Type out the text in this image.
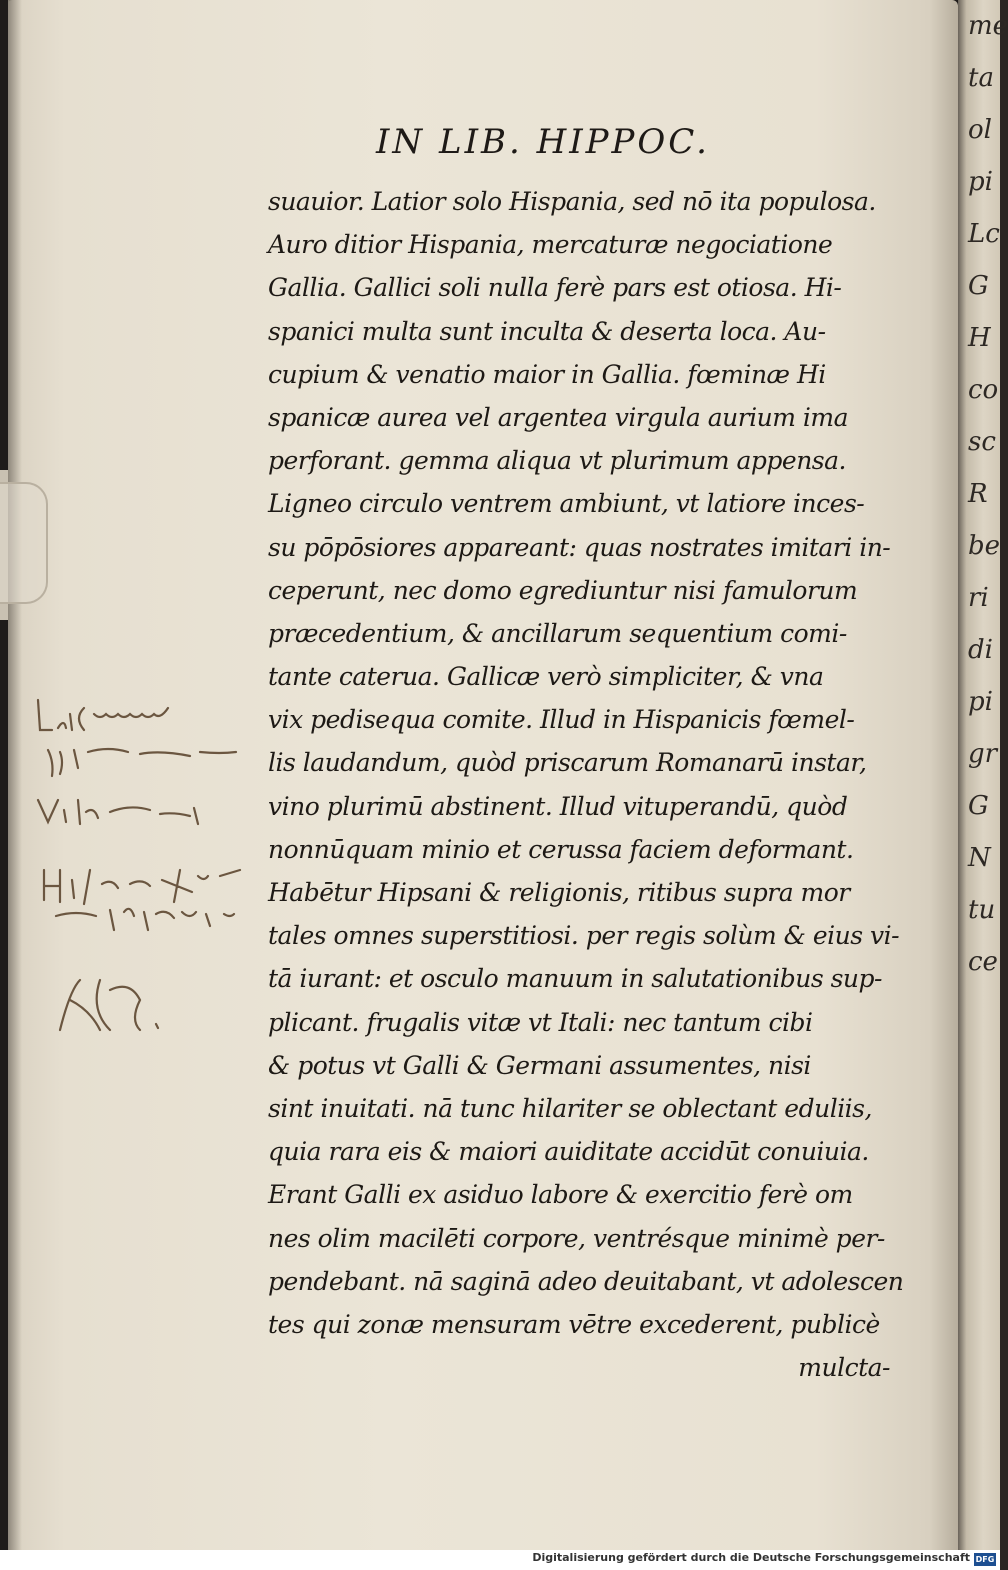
me
ta
ol
pi
Lc
G
H
co
sc
R
be
ri
di
pi
gr
G
N
tu
ce
IN LIB. HIPPOC.
suauior. Latior solo Hispania, sed nō ita populosa.
Auro ditior Hispania, mercaturæ negociatione
Gallia. Gallici soli nulla ferè pars est otiosa. Hi-
spanici multa sunt inculta & deserta loca. Au-
cupium & venatio maior in Gallia. fœminæ Hi
spanicæ aurea vel argentea virgula aurium ima
perforant. gemma aliqua vt plurimum appensa.
Ligneo circulo ventrem ambiunt, vt latiore inces-
su pōpōsiores appareant: quas nostrates imitari in-
ceperunt, nec domo egrediuntur nisi famulorum
præcedentium, & ancillarum sequentium comi-
tante caterua. Gallicæ verò simpliciter, & vna
vix pedisequa comite. Illud in Hispanicis fœmel-
lis laudandum, quòd priscarum Romanarū instar,
vino plurimū abstinent. Illud vituperandū, quòd
nonnūquam minio et cerussa faciem deformant.
Habētur Hipsani & religionis, ritibus supra mor
tales omnes superstitiosi. per regis solùm & eius vi-
tā iurant: et osculo manuum in salutationibus sup-
plicant. frugalis vitæ vt Itali: nec tantum cibi
& potus vt Galli & Germani assumentes, nisi
sint inuitati. nā tunc hilariter se oblectant eduliis,
quia rara eis & maiori auiditate accidūt conuiuia.
Erant Galli ex asiduo labore & exercitio ferè om
nes olim macilēti corpore, ventrésque minimè per-
pendebant. nā saginā adeo deuitabant, vt adolescen
tes qui zonæ mensuram vētre excederent, publicè
mulcta-
Digitalisierung gefördert durch die Deutsche Forschungsgemeinschaft DFG
